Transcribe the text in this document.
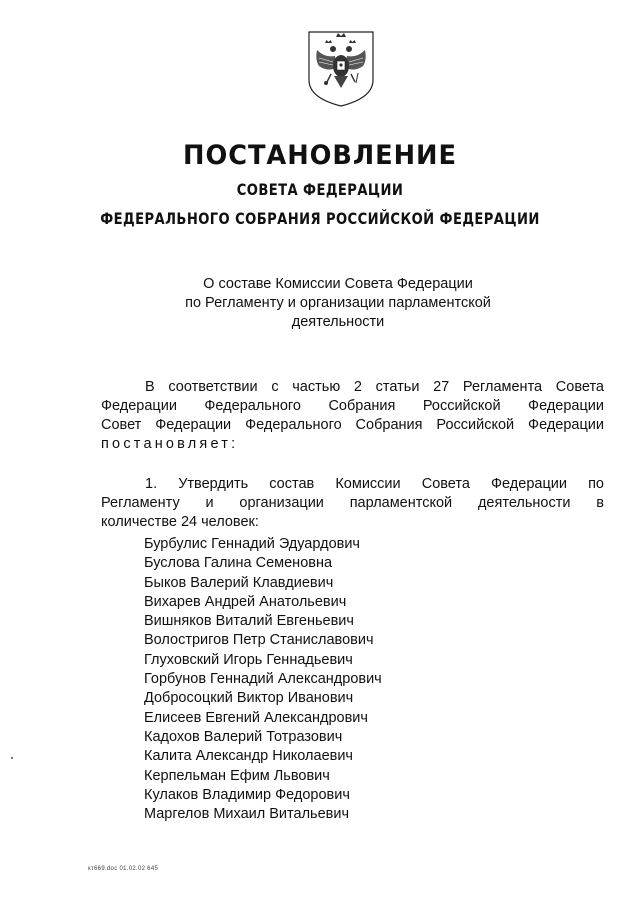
ПОСТАНОВЛЕНИЕ
СОВЕТА ФЕДЕРАЦИИ
ФЕДЕРАЛЬНОГО СОБРАНИЯ РОССИЙСКОЙ ФЕДЕРАЦИИ
О составе Комиссии Совета Федерации
по Регламенту и организации парламентской
деятельности
В соответствии с частью 2 статьи 27 Регламента Совета
Федерации Федерального Собрания Российской Федерации
Совет Федерации Федерального Собрания Российской Федерации
постановляет:
1. Утвердить состав Комиссии Совета Федерации по
Регламенту и организации парламентской деятельности в
количестве 24 человек:
Бурбулис Геннадий Эдуардович
Буслова Галина Семеновна
Быков Валерий Клавдиевич
Вихарев Андрей Анатольевич
Вишняков Виталий Евгеньевич
Волостригов Петр Станиславович
Глуховский Игорь Геннадьевич
Горбунов Геннадий Александрович
Добросоцкий Виктор Иванович
Елисеев Евгений Александрович
Кадохов Валерий Тотразович
Калита Александр Николаевич
Керпельман Ефим Львович
Кулаков Владимир Федорович
Маргелов Михаил Витальевич
кт669.doc 01.02.02 645
